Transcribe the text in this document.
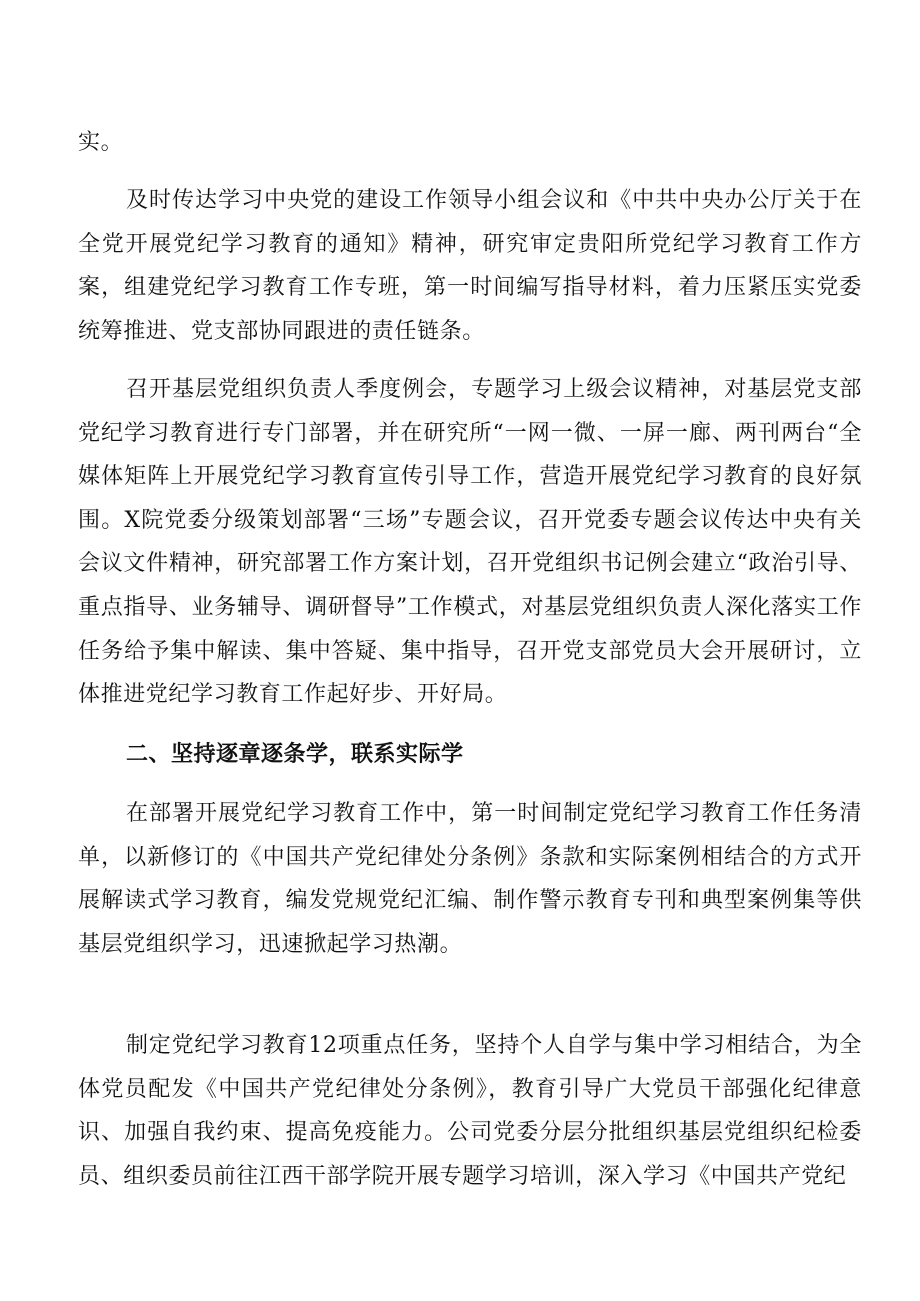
实。

及时传达学习中央党的建设工作领导小组会议和《中共中央办公厅关于在全党开展党纪学习教育的通知》精神，研究审定贵阳所党纪学习教育工作方案，组建党纪学习教育工作专班，第一时间编写指导材料，着力压紧压实党委统筹推进、党支部协同跟进的责任链条。

召开基层党组织负责人季度例会，专题学习上级会议精神，对基层党支部党纪学习教育进行专门部署，并在研究所“一网一微、一屏一廊、两刊两台“全媒体矩阵上开展党纪学习教育宣传引导工作，营造开展党纪学习教育的良好氛围。X院党委分级策划部署“三场”专题会议，召开党委专题会议传达中央有关会议文件精神，研究部署工作方案计划，召开党组织书记例会建立“政治引导、重点指导、业务辅导、调研督导”工作模式，对基层党组织负责人深化落实工作任务给予集中解读、集中答疑、集中指导，召开党支部党员大会开展研讨，立体推进党纪学习教育工作起好步、开好局。

二、坚持逐章逐条学，联系实际学

在部署开展党纪学习教育工作中，第一时间制定党纪学习教育工作任务清单，以新修订的《中国共产党纪律处分条例》条款和实际案例相结合的方式开展解读式学习教育，编发党规党纪汇编、制作警示教育专刊和典型案例集等供基层党组织学习，迅速掀起学习热潮。

制定党纪学习教育12项重点任务，坚持个人自学与集中学习相结合，为全体党员配发《中国共产党纪律处分条例》，教育引导广大党员干部强化纪律意识、加强自我约束、提高免疫能力。公司党委分层分批组织基层党组织纪检委员、组织委员前往江西干部学院开展专题学习培训，深入学习《中国共产党纪
